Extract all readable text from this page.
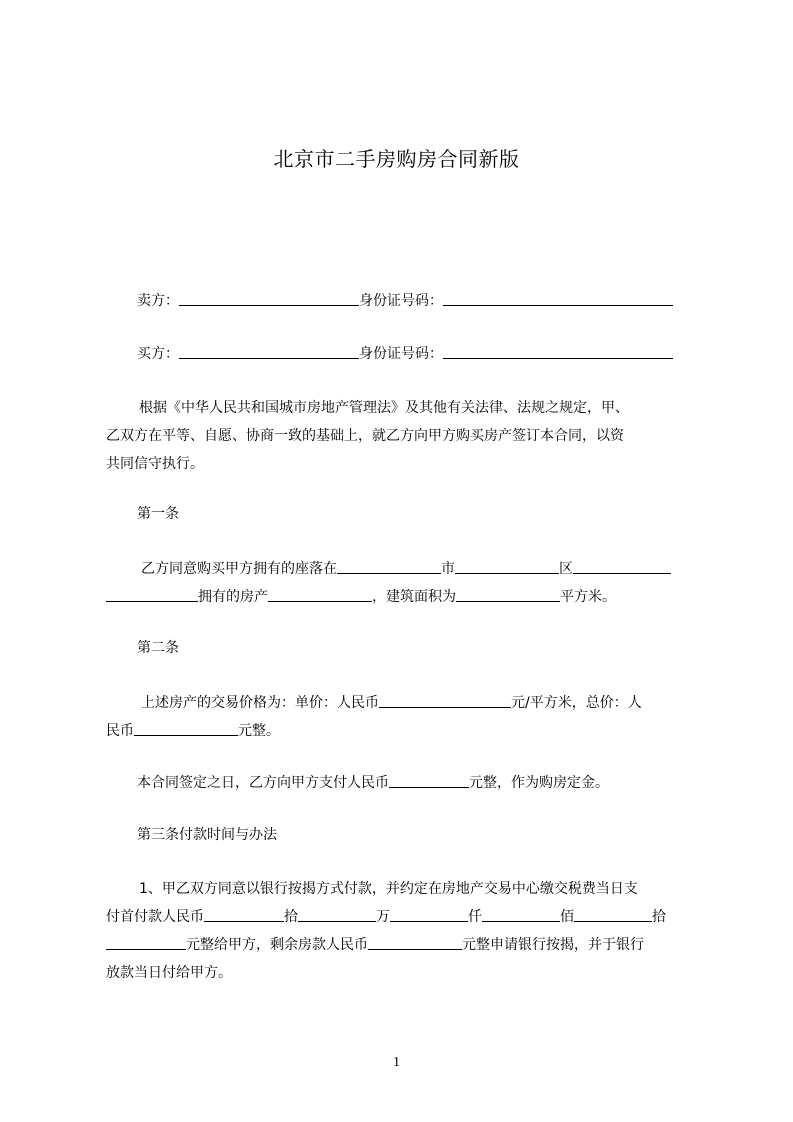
北京市二手房购房合同新版
卖方：	身份证号码：
买方：	身份证号码：
根据《中华人民共和国城市房地产管理法》及其他有关法律、法规之规定，甲、
乙双方在平等、自愿、协商一致的基础上，就乙方向甲方购买房产签订本合同，以资
共同信守执行。
第一条
乙方同意购买甲方拥有的座落在	市	区
拥有的房产	，建筑面积为	平方米。
第二条
上述房产的交易价格为：单价：人民币	元/平方米，总价：人
民币	元整。
本合同签定之日，乙方向甲方支付人民币	元整，作为购房定金。
第三条付款时间与办法
1、甲乙双方同意以银行按揭方式付款，并约定在房地产交易中心缴交税费当日支
付首付款人民币	拾	万	仟	佰	拾
元整给甲方，剩余房款人民币	元整申请银行按揭，并于银行
放款当日付给甲方。
1
